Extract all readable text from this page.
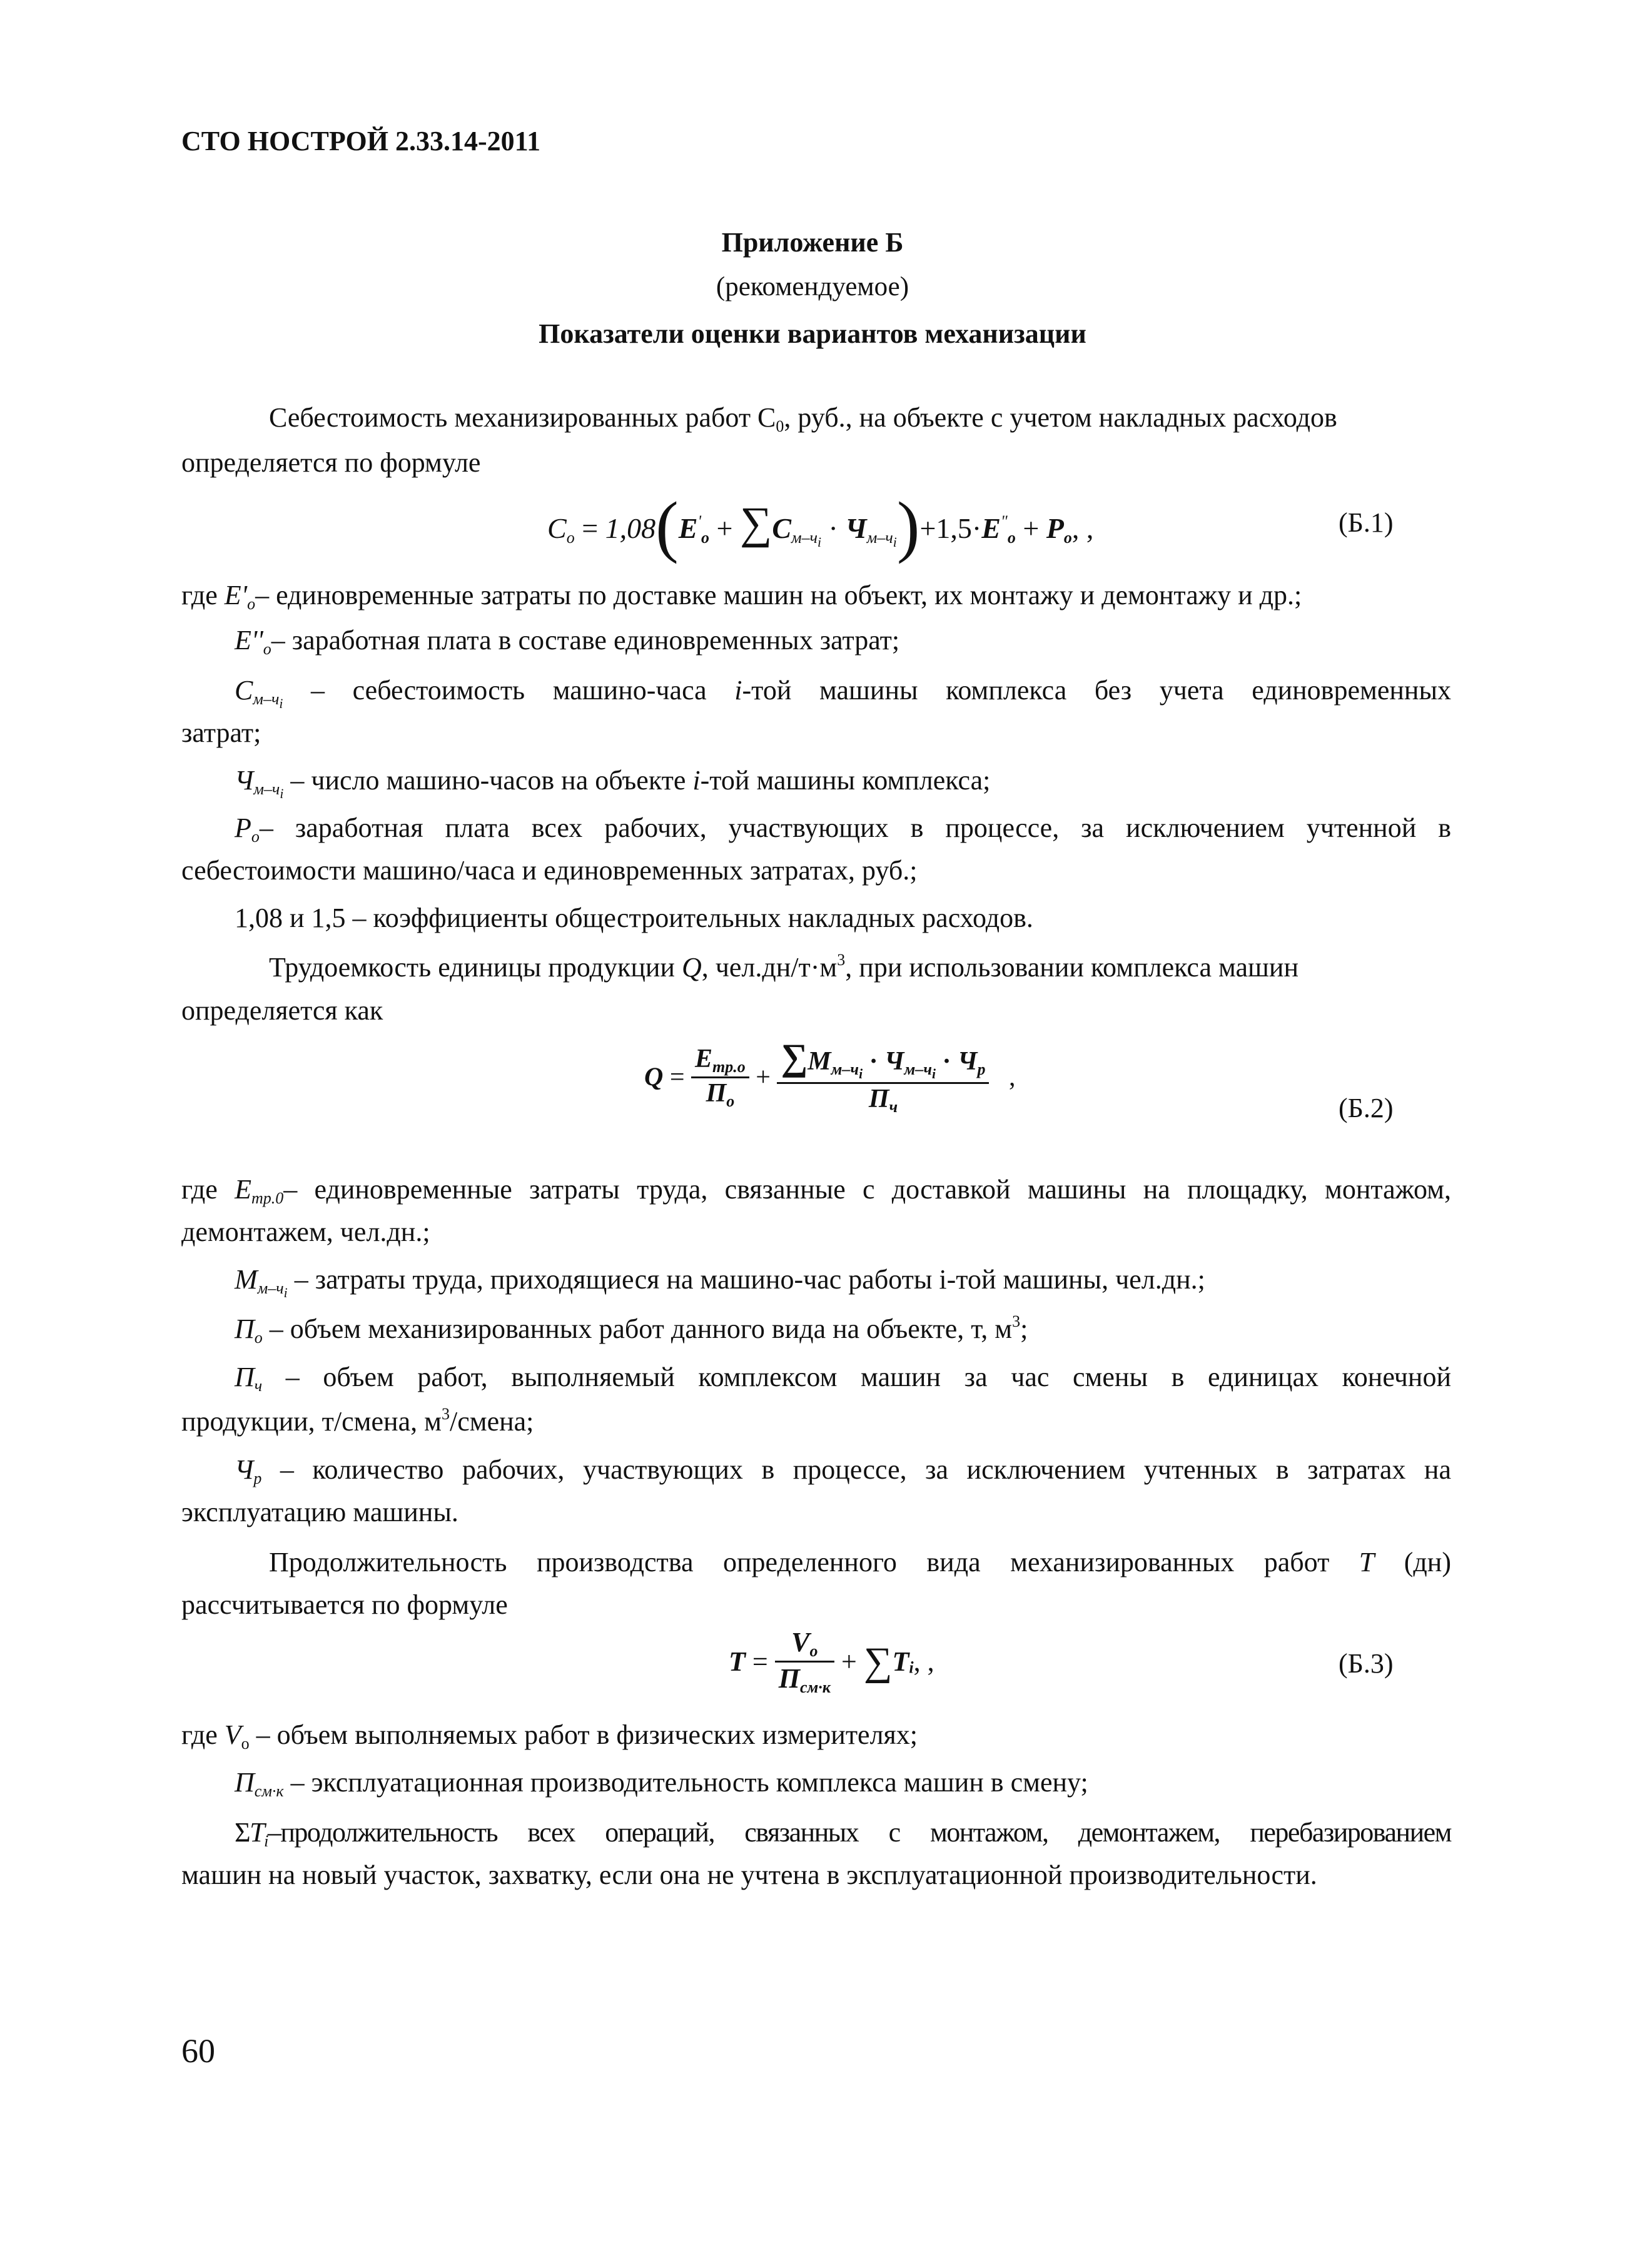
СТО НОСТРОЙ 2.33.14-2011
Приложение Б
(рекомендуемое)
Показатели оценки вариантов механизации
Себестоимость механизированных работ $С_0$, руб., на объекте с учетом накладных расходов
определяется по формуле
$C_o = 1,08(E'_o + \sum C_{м-ч_i} \cdot Ч_{м-ч_i})+1,5\cdot E^"_o + P_o$, ,	(Б.1)
где $E'_o-$ единовременные затраты по доставке машин на объект, их монтажу и демонтажу и др.;
$E''_o-$ заработная плата в составе единовременных затрат;
$C_{м-ч_i}$ – себестоимость машино-часа i-той машины комплекса без учета единовременных
затрат;
$Ч_{м-ч_i}$ – число машино-часов на объекте i-той машины комплекса;
$P_o-$ заработная плата всех рабочих, участвующих в процессе, за исключением учтенной в
себестоимости машино/часа и единовременных затратах, руб.;
1,08 и 1,5 – коэффициенты общестроительных накладных расходов.
Трудоемкость единицы продукции Q, $чел.дн/т\cdot м^3$, при использовании комплекса машин
определяется как
$Q = \frac{E_{тр.о}}{П_о} + \frac{\sum M_{м-ч_i} \cdot Ч_{м-ч_i} \cdot Ч_р}{П_ч}$ ,
(Б.2)
где $E_{тр.0}-$ единовременные затраты труда, связанные с доставкой машины на площадку, монтажом,
демонтажем, чел.дн.;
$M_{м-ч_i}$ – затраты труда, приходящиеся на машино-час работы i-той машины, чел.дн.;
$П_о$ – объем механизированных работ данного вида на объекте, т, $м^3$;
$П_ч$ – объем работ, выполняемый комплексом машин за час смены в единицах конечной
продукции, т/смена, $м^3$/смена;
$Ч_р$ – количество рабочих, участвующих в процессе, за исключением учтенных в затратах на
эксплуатацию машины.
Продолжительность производства определенного вида механизированных работ T (дн)
рассчитывается по формуле
$T = \frac{V_o}{П_{см\cdot к}} + \sum T_i$, ,	(Б.3)
где $V_о$ – объем выполняемых работ в физических измерителях;
$П_{см\cdot к}$ – эксплуатационная производительность комплекса машин в смену;
$\Sigma T_i$–продолжительность всех операций, связанных с монтажом, демонтажем, перебазированием
машин на новый участок, захватку, если она не учтена в эксплуатационной производительности.
60
